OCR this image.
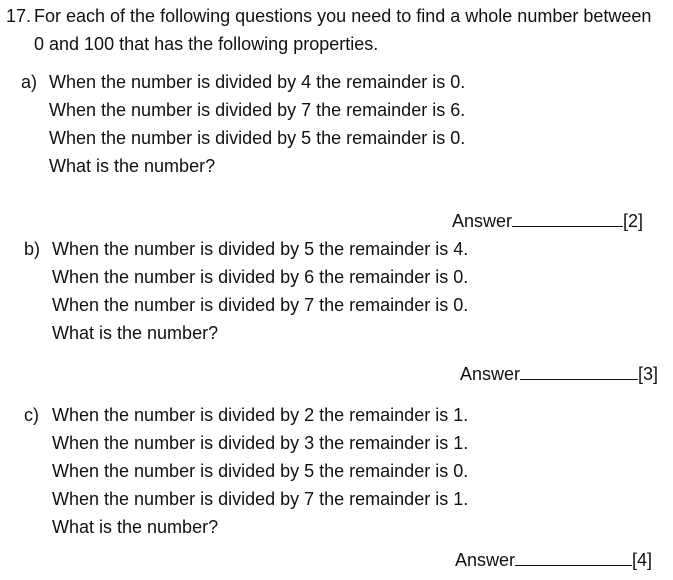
17. For each of the following questions you need to find a whole number between
0 and 100 that has the following properties.
a) When the number is divided by 4 the remainder is 0.
When the number is divided by 7 the remainder is 6.
When the number is divided by 5 the remainder is 0.
What is the number?
Answer	[2]
b) When the number is divided by 5 the remainder is 4.
When the number is divided by 6 the remainder is 0.
When the number is divided by 7 the remainder is 0.
What is the number?
Answer	[3]
c) When the number is divided by 2 the remainder is 1.
When the number is divided by 3 the remainder is 1.
When the number is divided by 5 the remainder is 0.
When the number is divided by 7 the remainder is 1.
What is the number?
Answer	[4]
